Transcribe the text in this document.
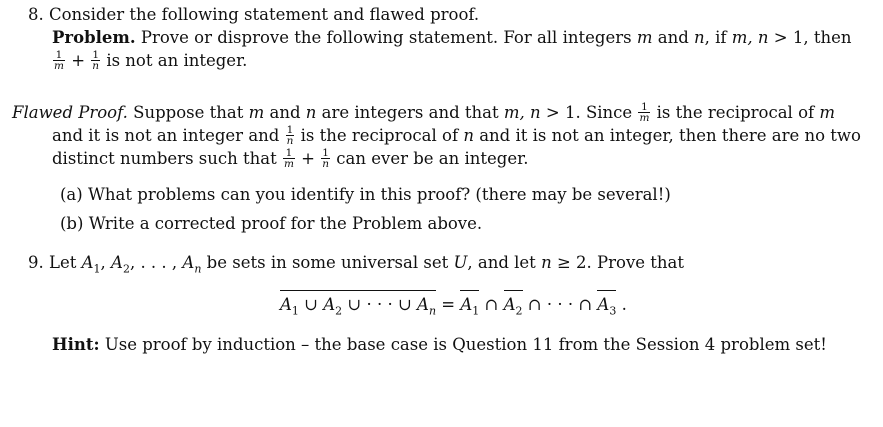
8. Consider the following statement and flawed proof.
Problem. Prove or disprove the following statement. For all integers m and n, if m, n > 1, then
$\frac{1}{m} + \frac{1}{n}$ is not an integer.
Flawed Proof. Suppose that m and n are integers and that m, n > 1. Since $\frac{1}{m}$ is the reciprocal of m
and it is not an integer and $\frac{1}{n}$ is the reciprocal of n and it is not an integer, then there are no two
distinct numbers such that $\frac{1}{m} + \frac{1}{n}$ can ever be an integer.
(a) What problems can you identify in this proof? (there may be several!)
(b) Write a corrected proof for the Problem above.
9. Let $A_1$, $A_2$, . . . , $A_n$ be sets in some universal set U, and let n ≥ 2. Prove that
$A_1$ ∪ $A_2$ ∪ · · · ∪ $A_n = A_1$ ∩ $A_2$ ∩ · · · ∩ $A_3$ .
Hint: Use proof by induction – the base case is Question 11 from the Session 4 problem set!
